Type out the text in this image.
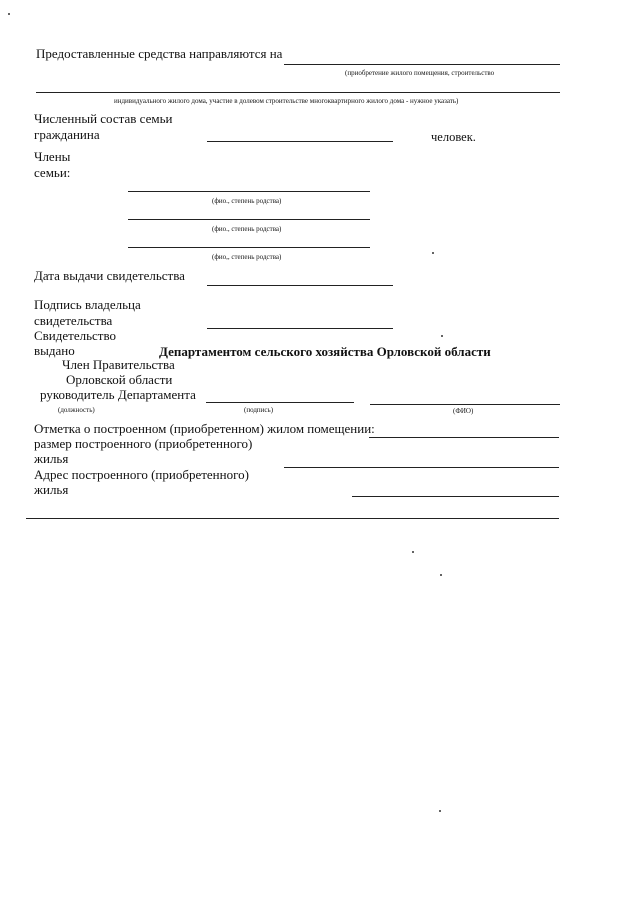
Предоставленные средства направляются на
(приобретение жилого помещения, строительство
индивидуального жилого дома, участие в долевом строительстве многоквартирного жилого дома - нужное указать)
Численный состав семьи
гражданина	человек.
Члены
семьи:
(фио., степень родства)
(фио., степень родства)
(фио,, степень родства)
Дата выдачи свидетельства
Подпись владельца
свидетельства
Свидетельство
выдано	Департаментом сельского хозяйства Орловской области
Член Правительства
Орловской области
руководитель Департамента
(должность)	(подпись)	(ФИО)
Отметка о построенном (приобретенном) жилом помещении:
размер построенного (приобретенного)
жилья
Адрес построенного (приобретенного)
жилья
